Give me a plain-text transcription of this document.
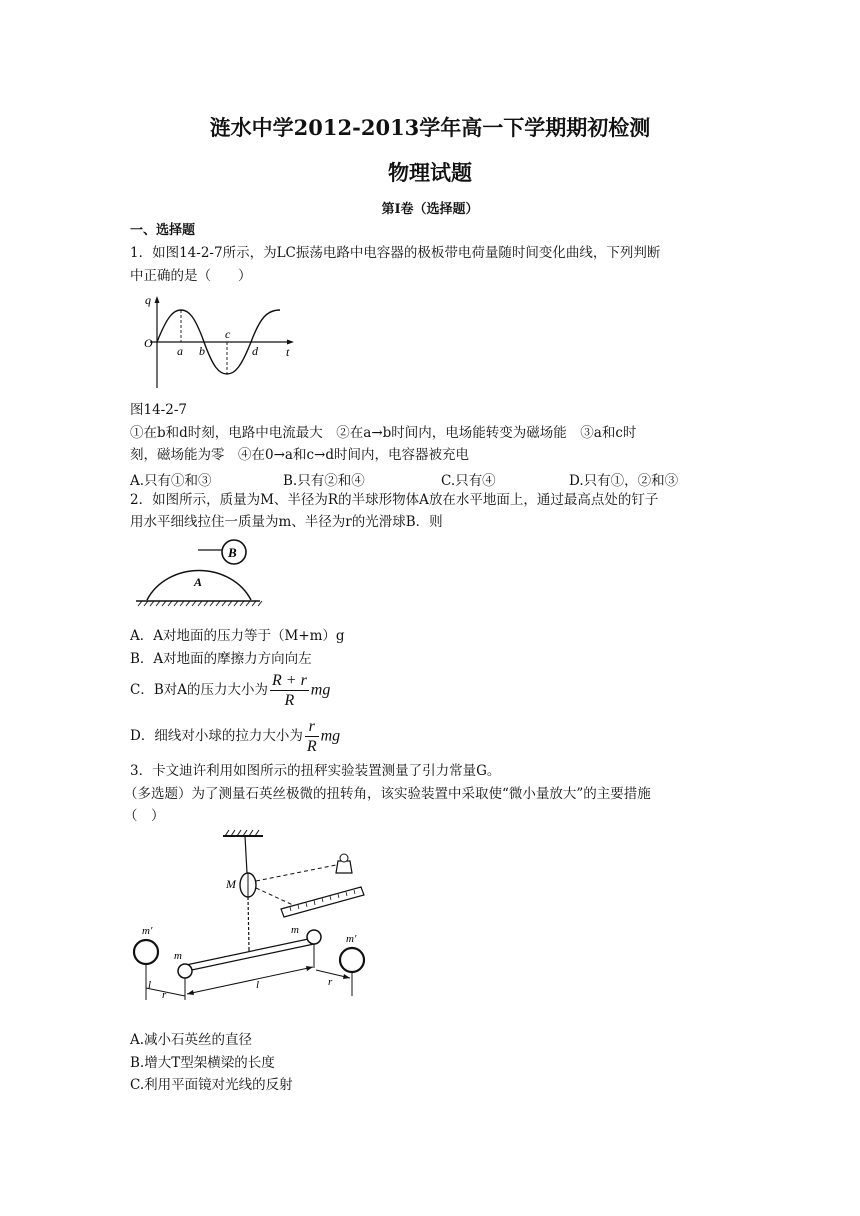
涟水中学2012-2013学年高一下学期期初检测
物理试题
第Ⅰ卷（选择题）
一、选择题
1．如图14-2-7所示，为LC振荡电路中电容器的极板带电荷量随时间变化曲线，下列判断
中正确的是（　　）
q
O
a b
c
d t
图14-2-7
①在b和d时刻，电路中电流最大　②在a→b时间内，电场能转变为磁场能　③a和c时
刻，磁场能为零　④在0→a和c→d时间内，电容器被充电
A.只有①和③	B.只有②和④	C.只有④	D.只有①，②和③
2．如图所示，质量为M、半径为R的半球形物体A放在水平地面上，通过最高点处的钉子
用水平细线拉住一质量为m、半径为r的光滑球B．则
B
A
A．A对地面的压力等于（M+m）g
B．A对地面的摩擦力方向向左
C．B对A的压力大小为 $\frac{R + r}{R}$ mg
D．细线对小球的拉力大小为 $\frac{r}{R}$ mg
3．卡文迪许利用如图所示的扭秤实验装置测量了引力常量G。
（多选题）为了测量石英丝极微的扭转角，该实验装置中采取使“微小量放大”的主要措施
（　）
M
m
m
m′
m′
l
r
l	r
A.减小石英丝的直径
B.增大T型架横梁的长度
C.利用平面镜对光线的反射
